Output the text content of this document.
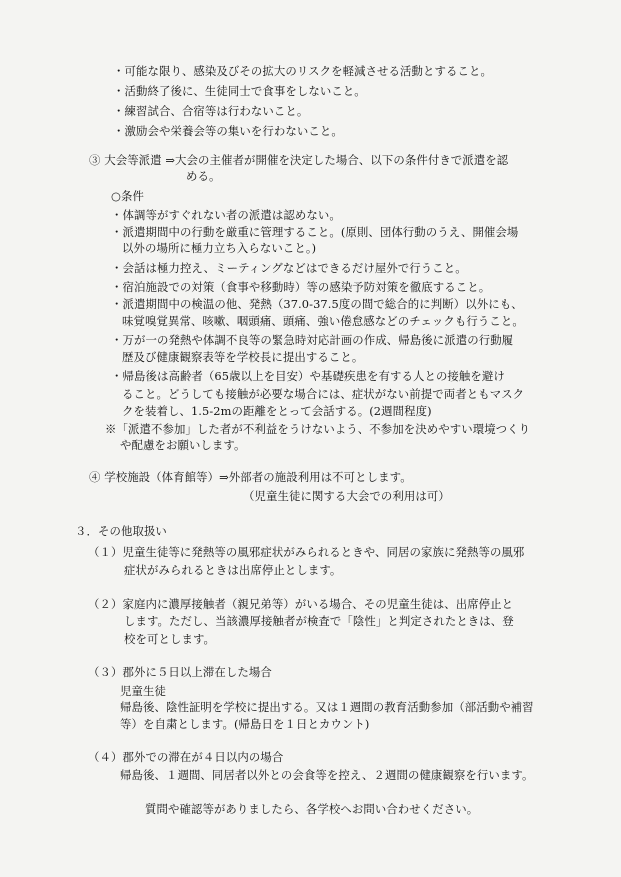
・可能な限り、感染及びその拡大のリスクを軽減させる活動とすること。
・活動終了後に、生徒同士で食事をしないこと。
・練習試合、合宿等は行わないこと。
・激励会や栄養会等の集いを行わないこと。
③ 大会等派遣 ⇒大会の主催者が開催を決定した場合、以下の条件付きで派遣を認
める。
○条件
・体調等がすぐれない者の派遣は認めない。
・派遣期間中の行動を厳重に管理すること。(原則、団体行動のうえ、開催会場
以外の場所に極力立ち入らないこと。)
・会話は極力控え、ミーティングなどはできるだけ屋外で行うこと。
・宿泊施設での対策（食事や移動時）等の感染予防対策を徹底すること。
・派遣期間中の検温の他、発熱（37.0-37.5度の間で総合的に判断）以外にも、
味覚嗅覚異常、咳嗽、咽頭痛、頭痛、強い倦怠感などのチェックも行うこと。
・万が一の発熱や体調不良等の緊急時対応計画の作成、帰島後に派遣の行動履
歴及び健康観察表等を学校長に提出すること。
・帰島後は高齢者（65歳以上を目安）や基礎疾患を有する人との接触を避け
ること。どうしても接触が必要な場合には、症状がない前提で両者ともマスク
クを装着し、1.5-2mの距離をとって会話する。(2週間程度)
※「派遣不参加」した者が不利益をうけないよう、不参加を決めやすい環境つくり
や配慮をお願いします。
④ 学校施設（体育館等）⇒外部者の施設利用は不可とします。
（児童生徒に関する大会での利用は可）
３．その他取扱い
（１）児童生徒等に発熱等の風邪症状がみられるときや、同居の家族に発熱等の風邪
症状がみられるときは出席停止とします。
（２）家庭内に濃厚接触者（親兄弟等）がいる場合、その児童生徒は、出席停止と
します。ただし、当該濃厚接触者が検査で「陰性」と判定されたときは、登
校を可とします。
（３）郡外に５日以上滞在した場合
児童生徒
帰島後、陰性証明を学校に提出する。又は１週間の教育活動参加（部活動や補習
等）を自粛とします。(帰島日を１日とカウント)
（４）郡外での滞在が４日以内の場合
帰島後、１週間、同居者以外との会食等を控え、２週間の健康観察を行います。
質問や確認等がありましたら、各学校へお問い合わせください。
